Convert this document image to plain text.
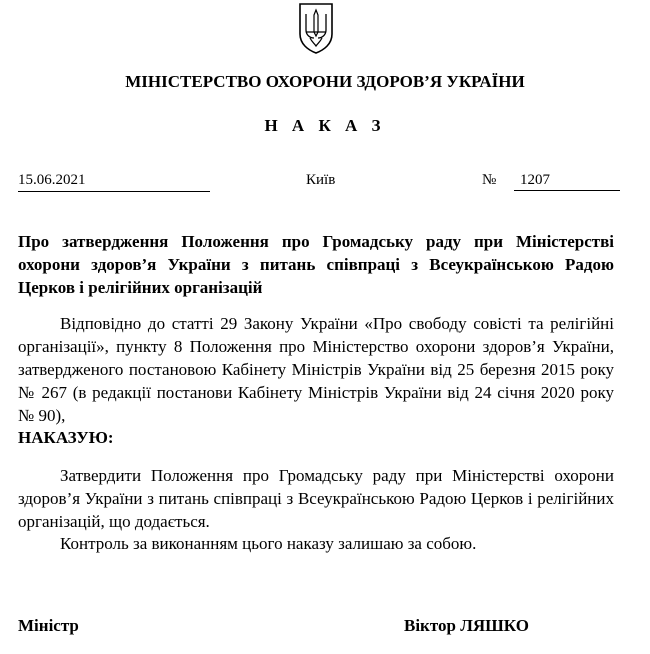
МІНІСТЕРСТВО ОХОРОНИ ЗДОРОВ’Я УКРАЇНИ
Н А К А З
15.06.2021	Київ	№	1207
Про затвердження Положення про Громадську раду при Міністерстві охорони здоров’я України з питань співпраці з Всеукраїнською Радою Церков і релігійних організацій
Відповідно до статті 29 Закону України «Про свободу совісті та релігійні організації», пункту 8 Положення про Міністерство охорони здоров’я України, затвердженого постановою Кабінету Міністрів України від 25 березня 2015 року № 267 (в редакції постанови Кабінету Міністрів України від 24 січня 2020 року № 90),
НАКАЗУЮ:
Затвердити Положення про Громадську раду при Міністерстві охорони здоров’я України з питань співпраці з Всеукраїнською Радою Церков і релігійних організацій, що додається.
Контроль за виконанням цього наказу залишаю за собою.
Міністр	Віктор ЛЯШКО
